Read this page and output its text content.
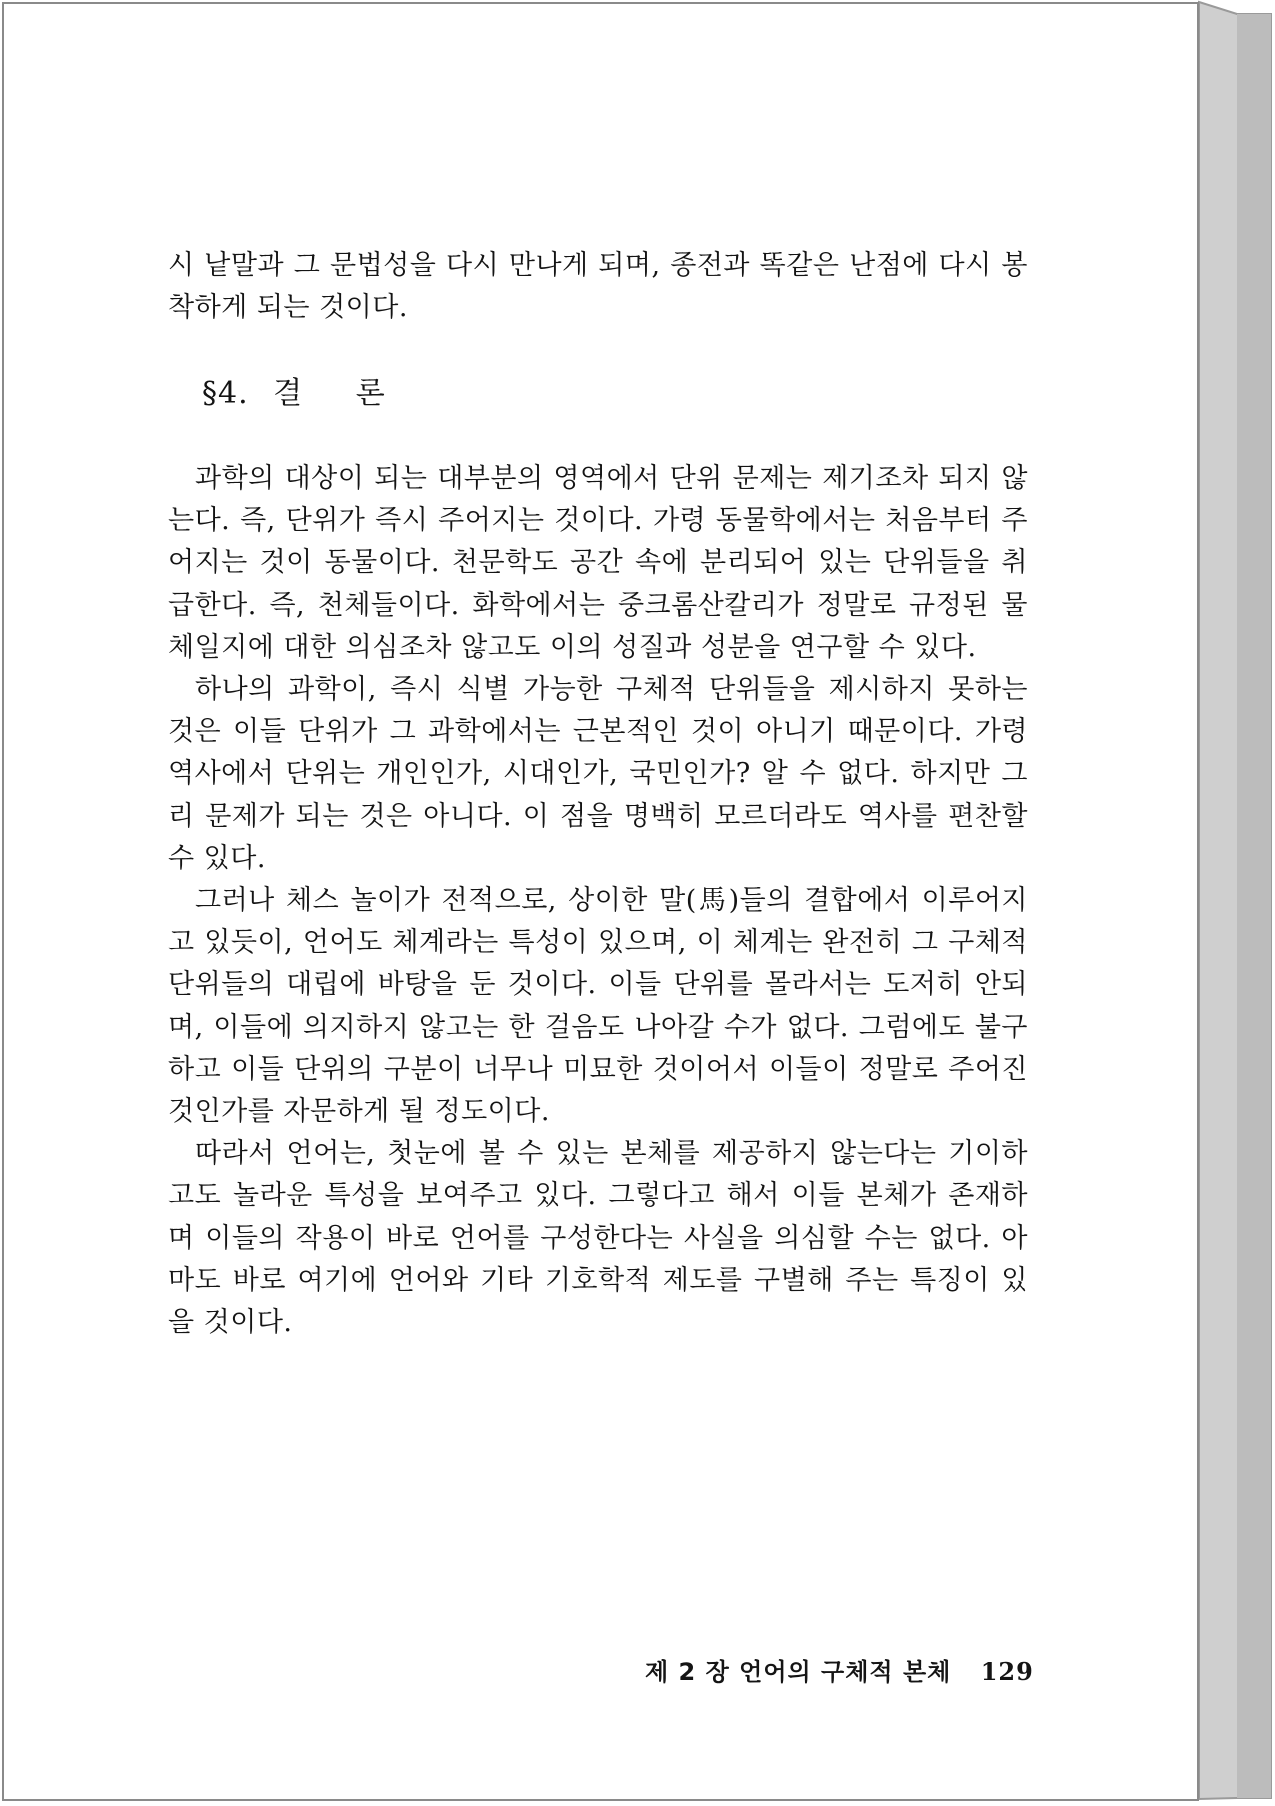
시 낱말과 그 문법성을 다시 만나게 되며, 종전과 똑같은 난점에 다시 봉착하게 되는 것이다.

§4. 결 론

과학의 대상이 되는 대부분의 영역에서 단위 문제는 제기조차 되지 않는다. 즉, 단위가 즉시 주어지는 것이다. 가령 동물학에서는 처음부터 주어지는 것이 동물이다. 천문학도 공간 속에 분리되어 있는 단위들을 취급한다. 즉, 천체들이다. 화학에서는 중크롬산칼리가 정말로 규정된 물체일지에 대한 의심조차 않고도 이의 성질과 성분을 연구할 수 있다.

하나의 과학이, 즉시 식별 가능한 구체적 단위들을 제시하지 못하는 것은 이들 단위가 그 과학에서는 근본적인 것이 아니기 때문이다. 가령 역사에서 단위는 개인인가, 시대인가, 국민인가? 알 수 없다. 하지만 그리 문제가 되는 것은 아니다. 이 점을 명백히 모르더라도 역사를 편찬할 수 있다.

그러나 체스 놀이가 전적으로, 상이한 말(馬)들의 결합에서 이루어지고 있듯이, 언어도 체계라는 특성이 있으며, 이 체계는 완전히 그 구체적 단위들의 대립에 바탕을 둔 것이다. 이들 단위를 몰라서는 도저히 안되며, 이들에 의지하지 않고는 한 걸음도 나아갈 수가 없다. 그럼에도 불구하고 이들 단위의 구분이 너무나 미묘한 것이어서 이들이 정말로 주어진 것인가를 자문하게 될 정도이다.

따라서 언어는, 첫눈에 볼 수 있는 본체를 제공하지 않는다는 기이하고도 놀라운 특성을 보여주고 있다. 그렇다고 해서 이들 본체가 존재하며 이들의 작용이 바로 언어를 구성한다는 사실을 의심할 수는 없다. 아마도 바로 여기에 언어와 기타 기호학적 제도를 구별해 주는 특징이 있을 것이다.

제 2 장 언어의 구체적 본체 129
